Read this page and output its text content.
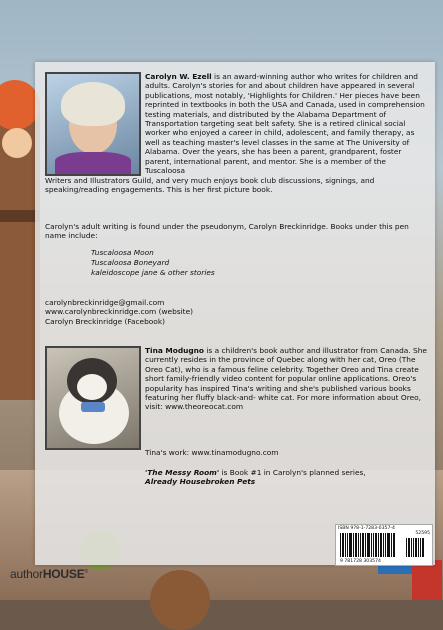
Carolyn W. Ezell is an award-winning author who writes for children and adults. Carolyn's stories for and about children have appeared in several publications, most notably, 'Highlights for Children.' Her pieces have been reprinted in textbooks in both the USA and Canada, used in comprehension testing materials, and distributed by the Alabama Department of Transportation targeting seat belt safety. She is a retired clinical social worker who enjoyed a career in child, adolescent, and family therapy, as well as teaching master's level classes in the same at The University of Alabama. Over the years, she has been a parent, grandparent, foster parent, international parent, and mentor. She is a member of the Tuscaloosa
Writers and Illustrators Guild, and very much enjoys book club discussions, signings, and speaking/reading engagements. This is her first picture book.
Carolyn's adult writing is found under the pseudonym, Carolyn Breckinridge. Books under this pen name include:
Tuscaloosa Moon
Tuscaloosa Boneyard
kaleidoscope jane & other stories
carolynbreckinridge@gmail.com
www.carolynbreckinridge.com (website)
Carolyn Breckinridge (Facebook)
Tina Modugno is a children's book author and illustrator from Canada. She currently resides in the province of Quebec along with her cat, Oreo (The Oreo Cat), who is a famous feline celebrity. Together Oreo and Tina create short family-friendly video content for popular online applications. Oreo's popularity has inspired Tina's writing and she's published various books featuring her fluffy black-and- white cat. For more information about Oreo, visit: www.theoreocat.com
Tina's work: www.tinamodugno.com
'The Messy Room' is Book #1 in Carolyn's planned series,
Already Housebroken Pets
ISBN 978-1-7283-0357-4
52595
9 781728 303574
authorHOUSE®
